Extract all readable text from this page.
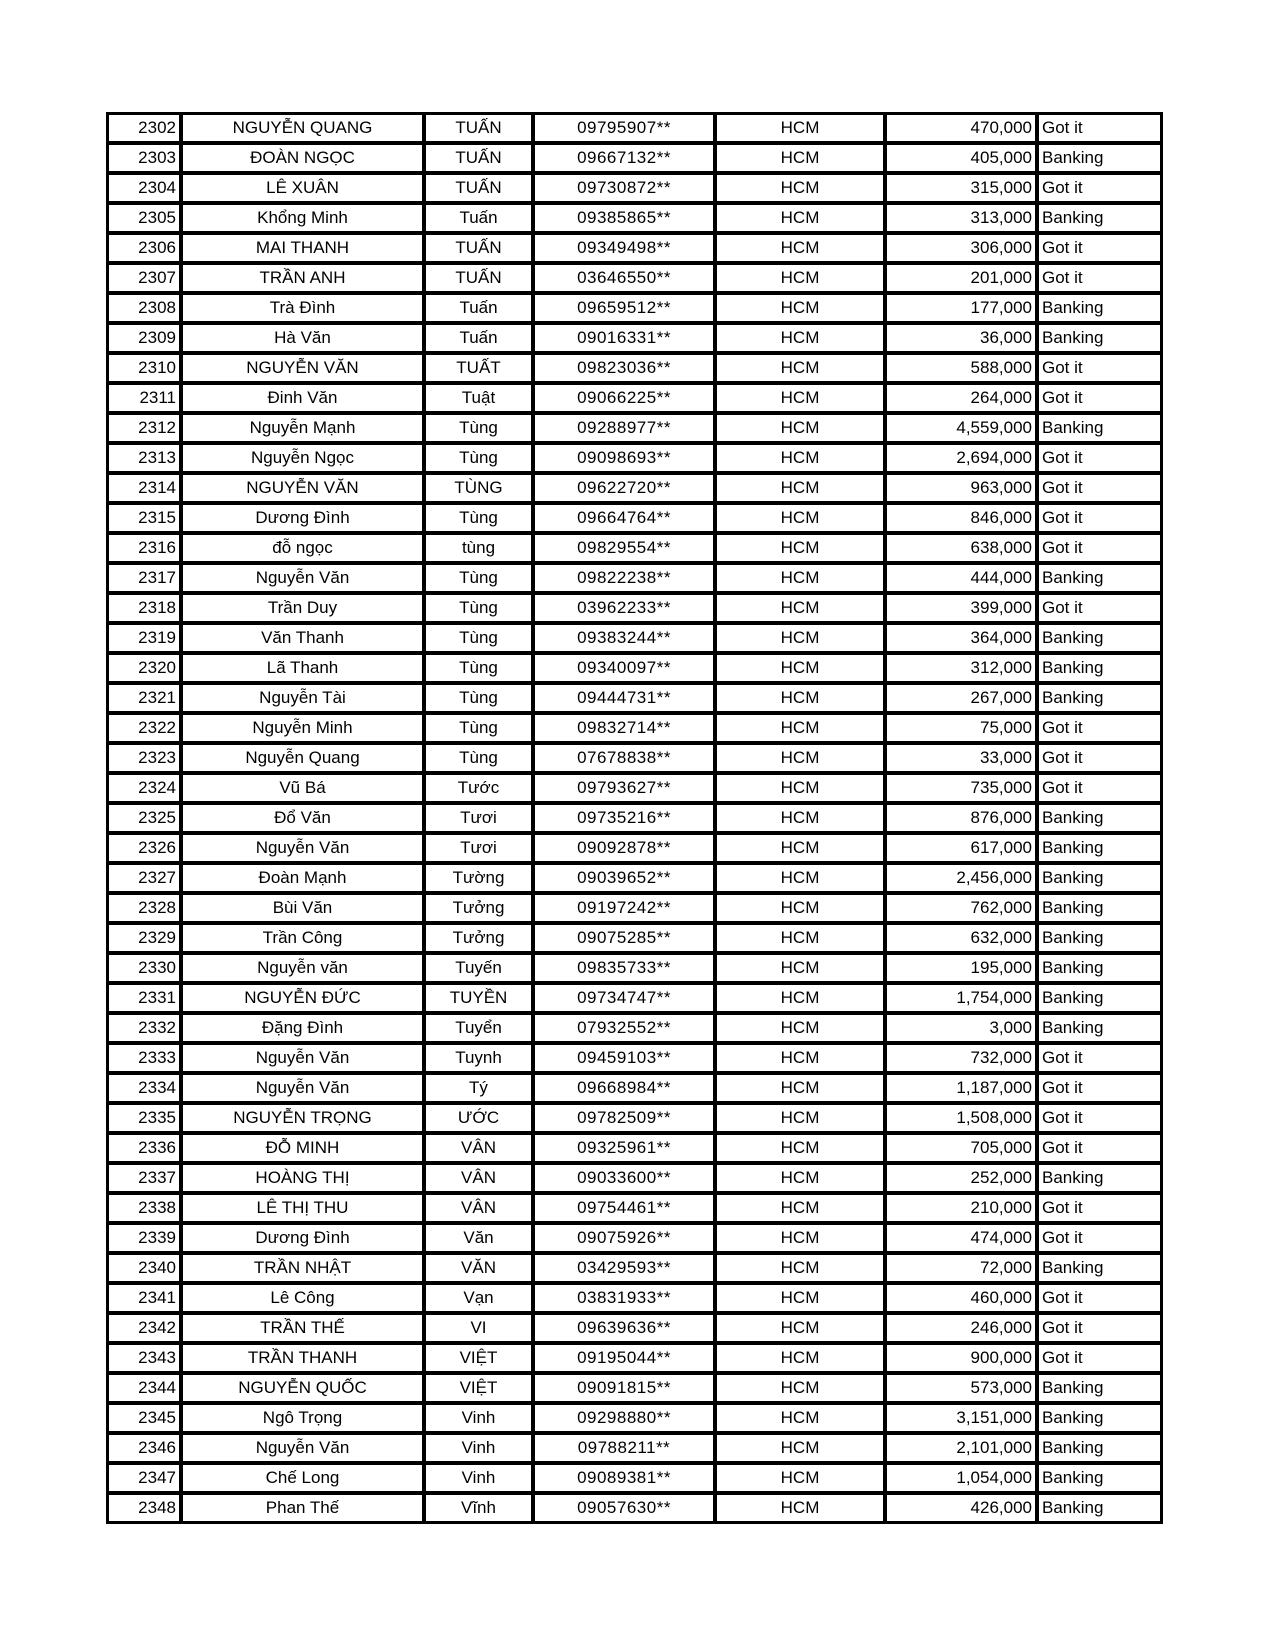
2302	NGUYỄN QUANG	TUẤN	09795907**	HCM	470,000	Got it
2303	ĐOÀN NGỌC	TUẤN	09667132**	HCM	405,000	Banking
2304	LÊ XUÂN	TUẤN	09730872**	HCM	315,000	Got it
2305	Khổng Minh	Tuấn	09385865**	HCM	313,000	Banking
2306	MAI THANH	TUẤN	09349498**	HCM	306,000	Got it
2307	TRẦN ANH	TUẤN	03646550**	HCM	201,000	Got it
2308	Trà Đình	Tuấn	09659512**	HCM	177,000	Banking
2309	Hà Văn	Tuấn	09016331**	HCM	36,000	Banking
2310	NGUYỄN VĂN	TUẤT	09823036**	HCM	588,000	Got it
2311	Đinh Văn	Tuật	09066225**	HCM	264,000	Got it
2312	Nguyễn Mạnh	Tùng	09288977**	HCM	4,559,000	Banking
2313	Nguyễn Ngọc	Tùng	09098693**	HCM	2,694,000	Got it
2314	NGUYỄN VĂN	TÙNG	09622720**	HCM	963,000	Got it
2315	Dương Đình	Tùng	09664764**	HCM	846,000	Got it
2316	đỗ ngọc	tùng	09829554**	HCM	638,000	Got it
2317	Nguyễn Văn	Tùng	09822238**	HCM	444,000	Banking
2318	Trần Duy	Tùng	03962233**	HCM	399,000	Got it
2319	Văn Thanh	Tùng	09383244**	HCM	364,000	Banking
2320	Lã Thanh	Tùng	09340097**	HCM	312,000	Banking
2321	Nguyễn Tài	Tùng	09444731**	HCM	267,000	Banking
2322	Nguyễn Minh	Tùng	09832714**	HCM	75,000	Got it
2323	Nguyễn Quang	Tùng	07678838**	HCM	33,000	Got it
2324	Vũ Bá	Tước	09793627**	HCM	735,000	Got it
2325	Đổ Văn	Tươi	09735216**	HCM	876,000	Banking
2326	Nguyễn Văn	Tươi	09092878**	HCM	617,000	Banking
2327	Đoàn Mạnh	Tường	09039652**	HCM	2,456,000	Banking
2328	Bùi Văn	Tưởng	09197242**	HCM	762,000	Banking
2329	Trần Công	Tưởng	09075285**	HCM	632,000	Banking
2330	Nguyễn văn	Tuyến	09835733**	HCM	195,000	Banking
2331	NGUYỄN ĐỨC	TUYỀN	09734747**	HCM	1,754,000	Banking
2332	Đặng Đình	Tuyển	07932552**	HCM	3,000	Banking
2333	Nguyễn Văn	Tuynh	09459103**	HCM	732,000	Got it
2334	Nguyễn Văn	Tý	09668984**	HCM	1,187,000	Got it
2335	NGUYỄN TRỌNG	ƯỚC	09782509**	HCM	1,508,000	Got it
2336	ĐỖ MINH	VÂN	09325961**	HCM	705,000	Got it
2337	HOÀNG THỊ	VÂN	09033600**	HCM	252,000	Banking
2338	LÊ THỊ THU	VÂN	09754461**	HCM	210,000	Got it
2339	Dương Đình	Văn	09075926**	HCM	474,000	Got it
2340	TRẦN NHẬT	VĂN	03429593**	HCM	72,000	Banking
2341	Lê Công	Vạn	03831933**	HCM	460,000	Got it
2342	TRẦN THẾ	VI	09639636**	HCM	246,000	Got it
2343	TRẦN THANH	VIỆT	09195044**	HCM	900,000	Got it
2344	NGUYỄN QUỐC	VIỆT	09091815**	HCM	573,000	Banking
2345	Ngô Trọng	Vinh	09298880**	HCM	3,151,000	Banking
2346	Nguyễn Văn	Vinh	09788211**	HCM	2,101,000	Banking
2347	Chế Long	Vinh	09089381**	HCM	1,054,000	Banking
2348	Phan Thế	Vĩnh	09057630**	HCM	426,000	Banking
